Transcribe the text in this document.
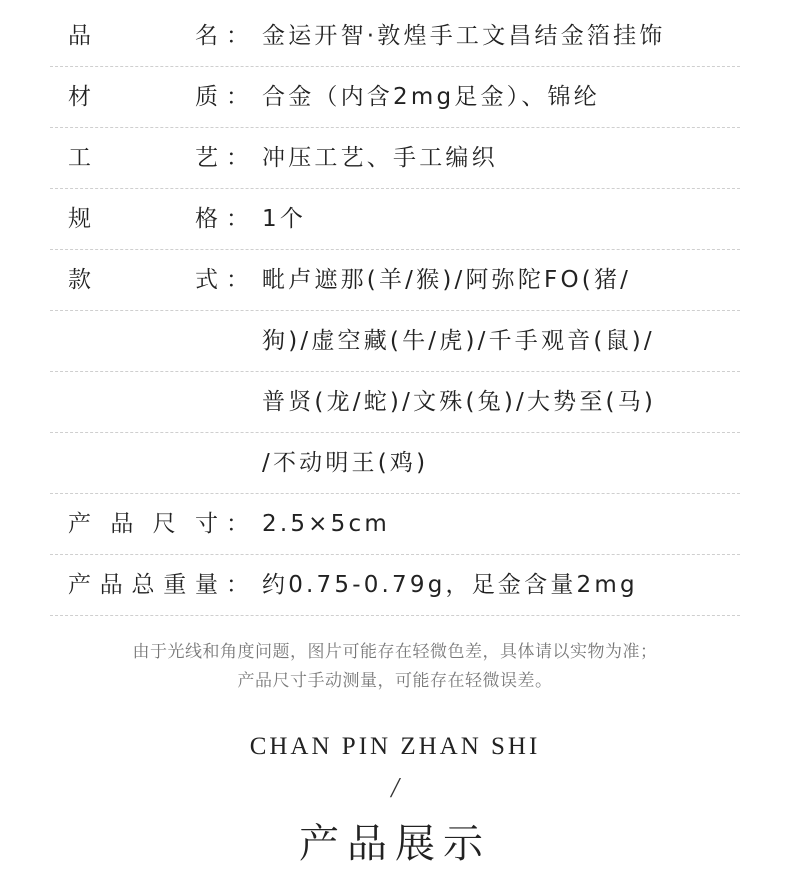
品	名 ： 金运开智·敦煌手工文昌结金箔挂饰
材	质 ： 合金（内含2mg足金）、锦纶
工	艺 ： 冲压工艺、手工编织
规	格 ： 1个
款	式 ： 毗卢遮那(羊/猴)/阿弥陀FO(猪/
狗)/虚空藏(牛/虎)/千手观音(鼠)/
普贤(龙/蛇)/文殊(兔)/大势至(马)
/不动明王(鸡)
产 品 尺 寸 ： 2.5×5cm
产 品 总 重 量 ： 约0.75-0.79g，足金含量2mg
由于光线和角度问题，图片可能存在轻微色差，具体请以实物为准；
产品尺寸手动测量，可能存在轻微误差。
CHAN PIN ZHAN SHI
/
产品展示
